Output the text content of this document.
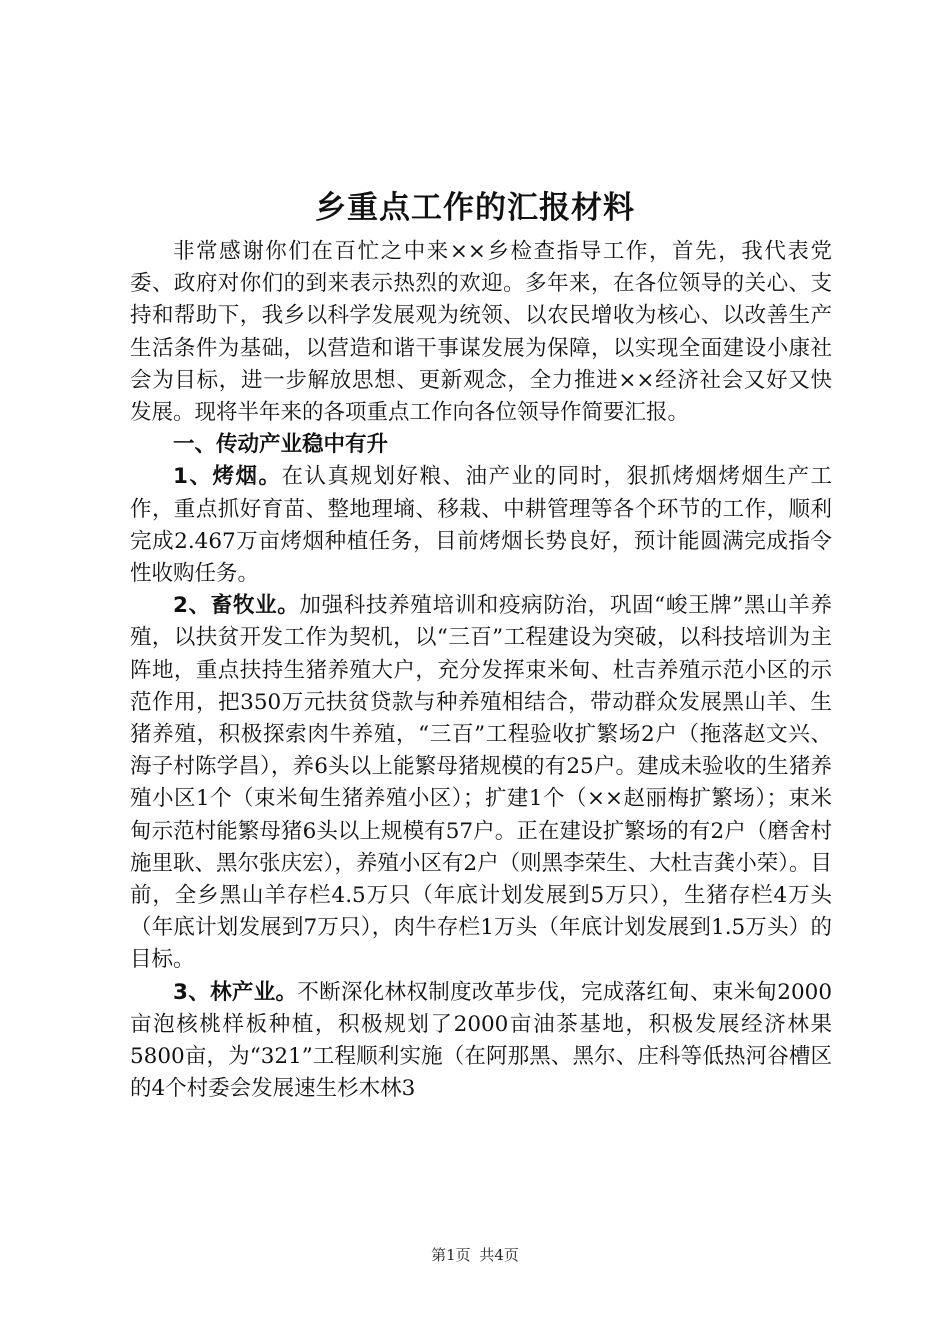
乡重点工作的汇报材料

非常感谢你们在百忙之中来××乡检查指导工作，首先，我代表党委、政府对你们的到来表示热烈的欢迎。多年来，在各位领导的关心、支持和帮助下，我乡以科学发展观为统领、以农民增收为核心、以改善生产生活条件为基础，以营造和谐干事谋发展为保障，以实现全面建设小康社会为目标，进一步解放思想、更新观念，全力推进××经济社会又好又快发展。现将半年来的各项重点工作向各位领导作简要汇报。

一、传动产业稳中有升

1、烤烟。在认真规划好粮、油产业的同时，狠抓烤烟烤烟生产工作，重点抓好育苗、整地理墒、移栽、中耕管理等各个环节的工作，顺利完成2.467万亩烤烟种植任务，目前烤烟长势良好，预计能圆满完成指令性收购任务。

2、畜牧业。加强科技养殖培训和疫病防治，巩固“峻王牌”黑山羊养殖，以扶贫开发工作为契机，以“三百”工程建设为突破，以科技培训为主阵地，重点扶持生猪养殖大户，充分发挥束米甸、杜吉养殖示范小区的示范作用，把350万元扶贫贷款与种养殖相结合，带动群众发展黑山羊、生猪养殖，积极探索肉牛养殖，“三百”工程验收扩繁场2户（拖落赵文兴、海子村陈学昌），养6头以上能繁母猪规模的有25户。建成未验收的生猪养殖小区1个（束米甸生猪养殖小区）；扩建1个（××赵丽梅扩繁场）；束米甸示范村能繁母猪6头以上规模有57户。正在建设扩繁场的有2户（磨舍村施里耿、黑尔张庆宏），养殖小区有2户（则黑李荣生、大杜吉龚小荣）。目前，全乡黑山羊存栏4.5万只（年底计划发展到5万只），生猪存栏4万头（年底计划发展到7万只），肉牛存栏1万头（年底计划发展到1.5万头）的目标。

3、林产业。不断深化林权制度改革步伐，完成落红甸、束米甸2000亩泡核桃样板种植，积极规划了2000亩油茶基地，积极发展经济林果5800亩，为“321”工程顺利实施（在阿那黑、黑尔、庄科等低热河谷槽区的4个村委会发展速生杉木林3

第1页 共4页
